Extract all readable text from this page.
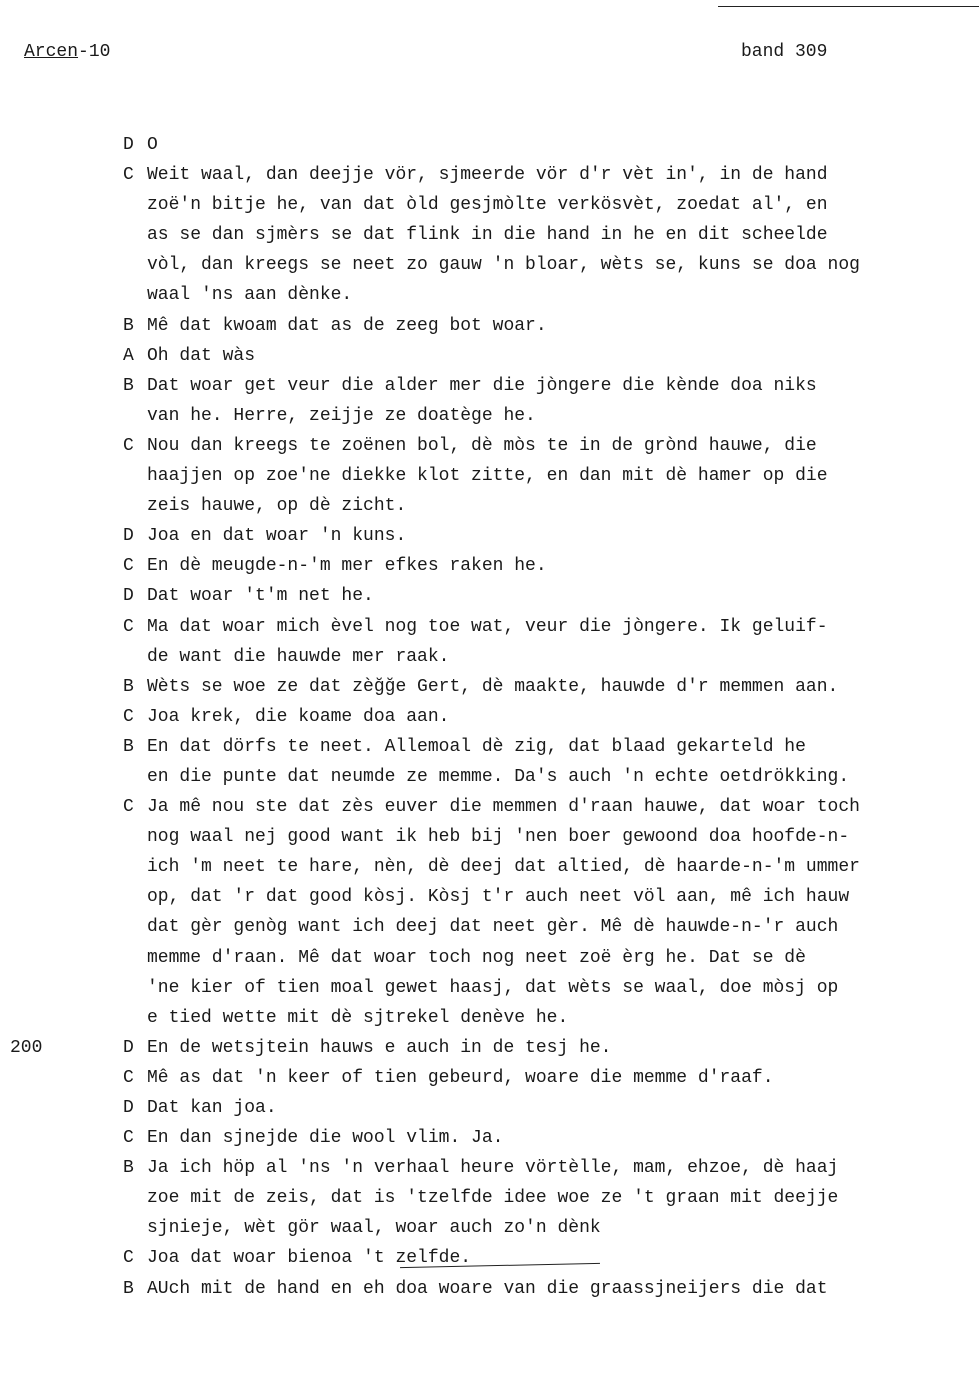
Arcen-10	band 309
D O
C Weit waal, dan deejje vör, sjmeerde vör d'r vèt in', in de hand
zoë'n bitje he, van dat òld gesjmòlte verkösvèt, zoedat al', en
as se dan sjmèrs se dat flink in die hand in he en dit scheelde
vòl, dan kreegs se neet zo gauw 'n bloar, wèts se, kuns se doa nog
waal 'ns aan dènke.
B Mê dat kwoam dat as de zeeg bot woar.
A Oh dat wàs
B Dat woar get veur die alder mer die jòngere die kènde doa niks
van he. Herre, zeijje ze doatège he.
C Nou dan kreegs te zoënen bol, dè mòs te in de grònd hauwe, die
haajjen op zoe'ne diekke klot zitte, en dan mit dè hamer op die
zeis hauwe, op dè zicht.
D Joa en dat woar 'n kuns.
C En dè meugde-n-'m mer efkes raken he.
D Dat woar 't'm net he.
C Ma dat woar mich èvel nog toe wat, veur die jòngere. Ik geluif-
de want die hauwde mer raak.
B Wèts se woe ze dat zèğğe Gert, dè maakte, hauwde d'r memmen aan.
C Joa krek, die koame doa aan.
B En dat dörfs te neet. Allemoal dè zig, dat blaad gekarteld he
en die punte dat neumde ze memme. Da's auch 'n echte oetdrökking.
C Ja mê nou ste dat zès euver die memmen d'raan hauwe, dat woar toch
nog waal nej good want ik heb bij 'nen boer gewoond doa hoofde-n-
ich 'm neet te hare, nèn, dè deej dat altied, dè haarde-n-'m ummer
op, dat 'r dat good kòsj. Kòsj t'r auch neet völ aan, mê ich hauw
dat gèr genòg want ich deej dat neet gèr. Mê dè hauwde-n-'r auch
memme d'raan. Mê dat woar toch nog neet zoë èrg he. Dat se dè
'ne kier of tien moal gewet haasj, dat wèts se waal, doe mòsj op
e tied wette mit dè sjtrekel denève he.
200	D En de wetsjtein hauws e auch in de tesj he.
C Mê as dat 'n keer of tien gebeurd, woare die memme d'raaf.
D Dat kan joa.
C En dan sjnejde die wool vlim. Ja.
B Ja ich höp al 'ns 'n verhaal heure vörtèlle, mam, ehzoe, dè haaj
zoe mit de zeis, dat is 'tzelfde idee woe ze 't graan mit deejje
sjnieje, wèt gör waal, woar auch zo'n dènk
C Joa dat woar bienoa 't zelfde.
B AUch mit de hand en eh doa woare van die graassjneijers die dat
